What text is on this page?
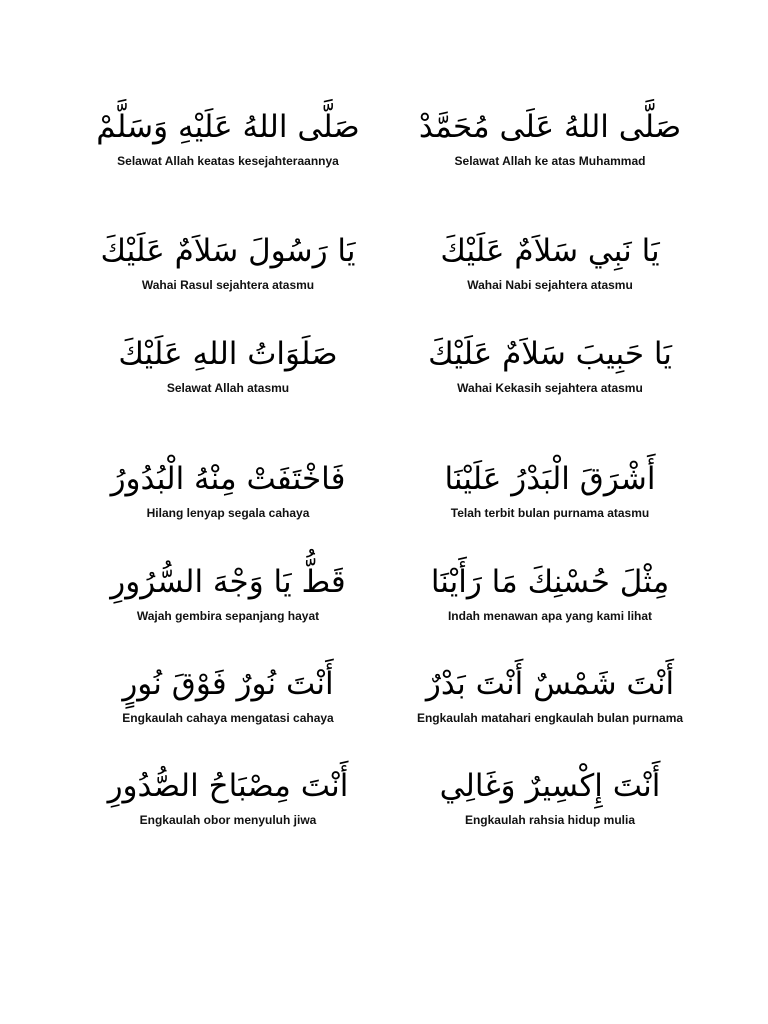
صَلَّى اللهُ عَلَى مُحَمَّدْ
Selawat Allah ke atas Muhammad
صَلَّى اللهُ عَلَيْهِ وَسَلَّمْ
Selawat Allah keatas kesejahteraannya
يَا نَبِي سَلاَمٌ عَلَيْكَ
Wahai Nabi sejahtera atasmu
يَا رَسُولَ سَلاَمٌ عَلَيْكَ
Wahai Rasul sejahtera atasmu
يَا حَبِيبَ سَلاَمٌ عَلَيْكَ
Wahai Kekasih sejahtera atasmu
صَلَوَاتُ اللهِ عَلَيْكَ
Selawat Allah atasmu
أَشْرَقَ الْبَدْرُ عَلَيْنَا
Telah terbit bulan purnama atasmu
فَاخْتَفَتْ مِنْهُ الْبُدُورُ
Hilang lenyap segala cahaya
مِثْلَ حُسْنِكَ مَا رَأَيْنَا
Indah menawan apa yang kami lihat
قَطُّ يَا وَجْهَ السُّرُورِ
Wajah gembira sepanjang hayat
أَنْتَ شَمْسٌ أَنْتَ بَدْرٌ
Engkaulah matahari engkaulah bulan purnama
أَنْتَ نُورٌ فَوْقَ نُورٍ
Engkaulah cahaya mengatasi cahaya
أَنْتَ إِكْسِيرٌ وَغَالِي
Engkaulah rahsia hidup mulia
أَنْتَ مِصْبَاحُ الصُّدُورِ
Engkaulah obor menyuluh jiwa
